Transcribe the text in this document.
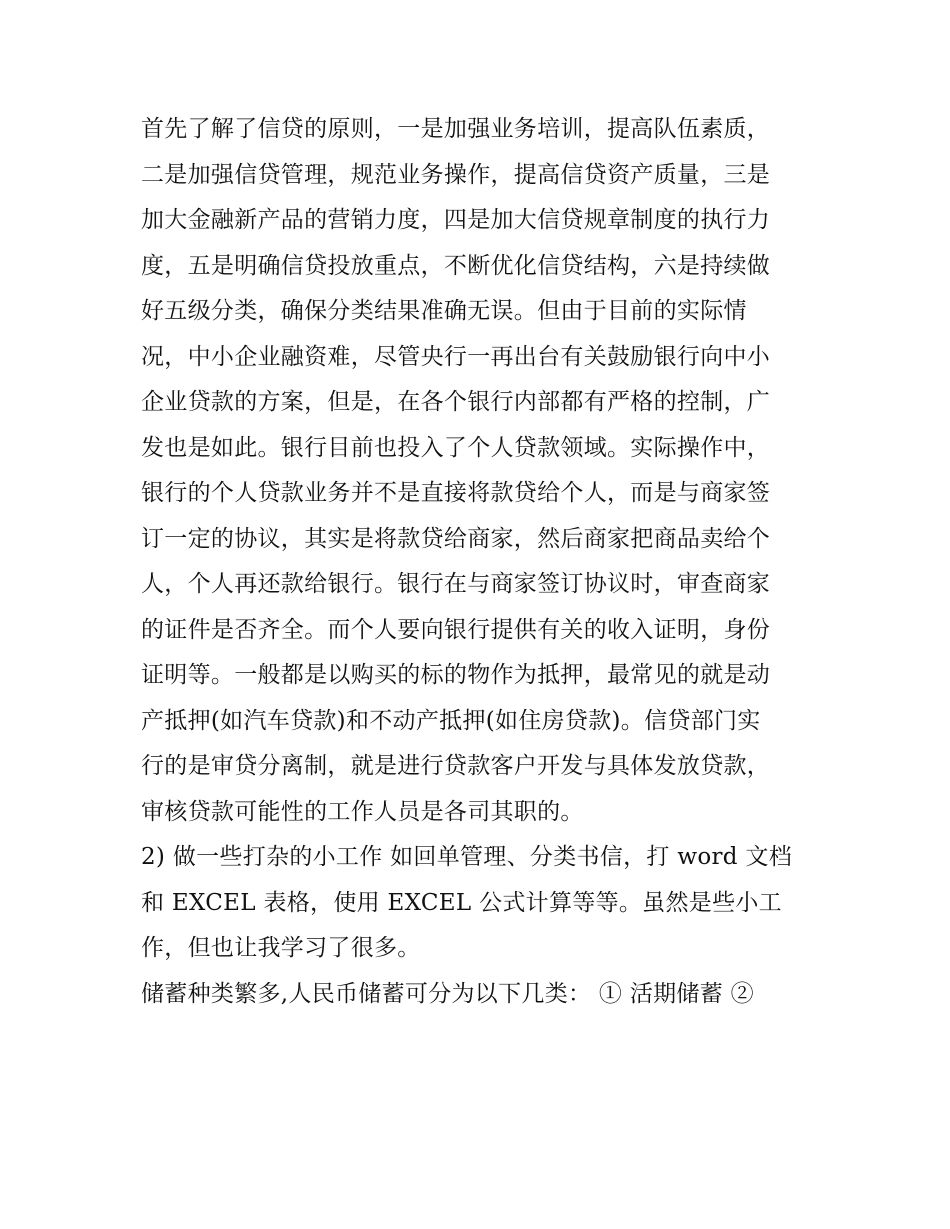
首先了解了信贷的原则，一是加强业务培训，提高队伍素质，
二是加强信贷管理，规范业务操作，提高信贷资产质量，三是
加大金融新产品的营销力度，四是加大信贷规章制度的执行力
度，五是明确信贷投放重点，不断优化信贷结构，六是持续做
好五级分类，确保分类结果准确无误。但由于目前的实际情
况，中小企业融资难，尽管央行一再出台有关鼓励银行向中小
企业贷款的方案，但是，在各个银行内部都有严格的控制，广
发也是如此。银行目前也投入了个人贷款领域。实际操作中，
银行的个人贷款业务并不是直接将款贷给个人，而是与商家签
订一定的协议，其实是将款贷给商家，然后商家把商品卖给个
人，个人再还款给银行。银行在与商家签订协议时，审查商家
的证件是否齐全。而个人要向银行提供有关的收入证明，身份
证明等。一般都是以购买的标的物作为抵押，最常见的就是动
产抵押(如汽车贷款)和不动产抵押(如住房贷款)。信贷部门实
行的是审贷分离制，就是进行贷款客户开发与具体发放贷款，
审核贷款可能性的工作人员是各司其职的。
2) 做一些打杂的小工作 如回单管理、分类书信，打 word 文档
和 EXCEL 表格，使用 EXCEL 公式计算等等。虽然是些小工
作，但也让我学习了很多。
储蓄种类繁多,人民币储蓄可分为以下几类： ① 活期储蓄 ②
